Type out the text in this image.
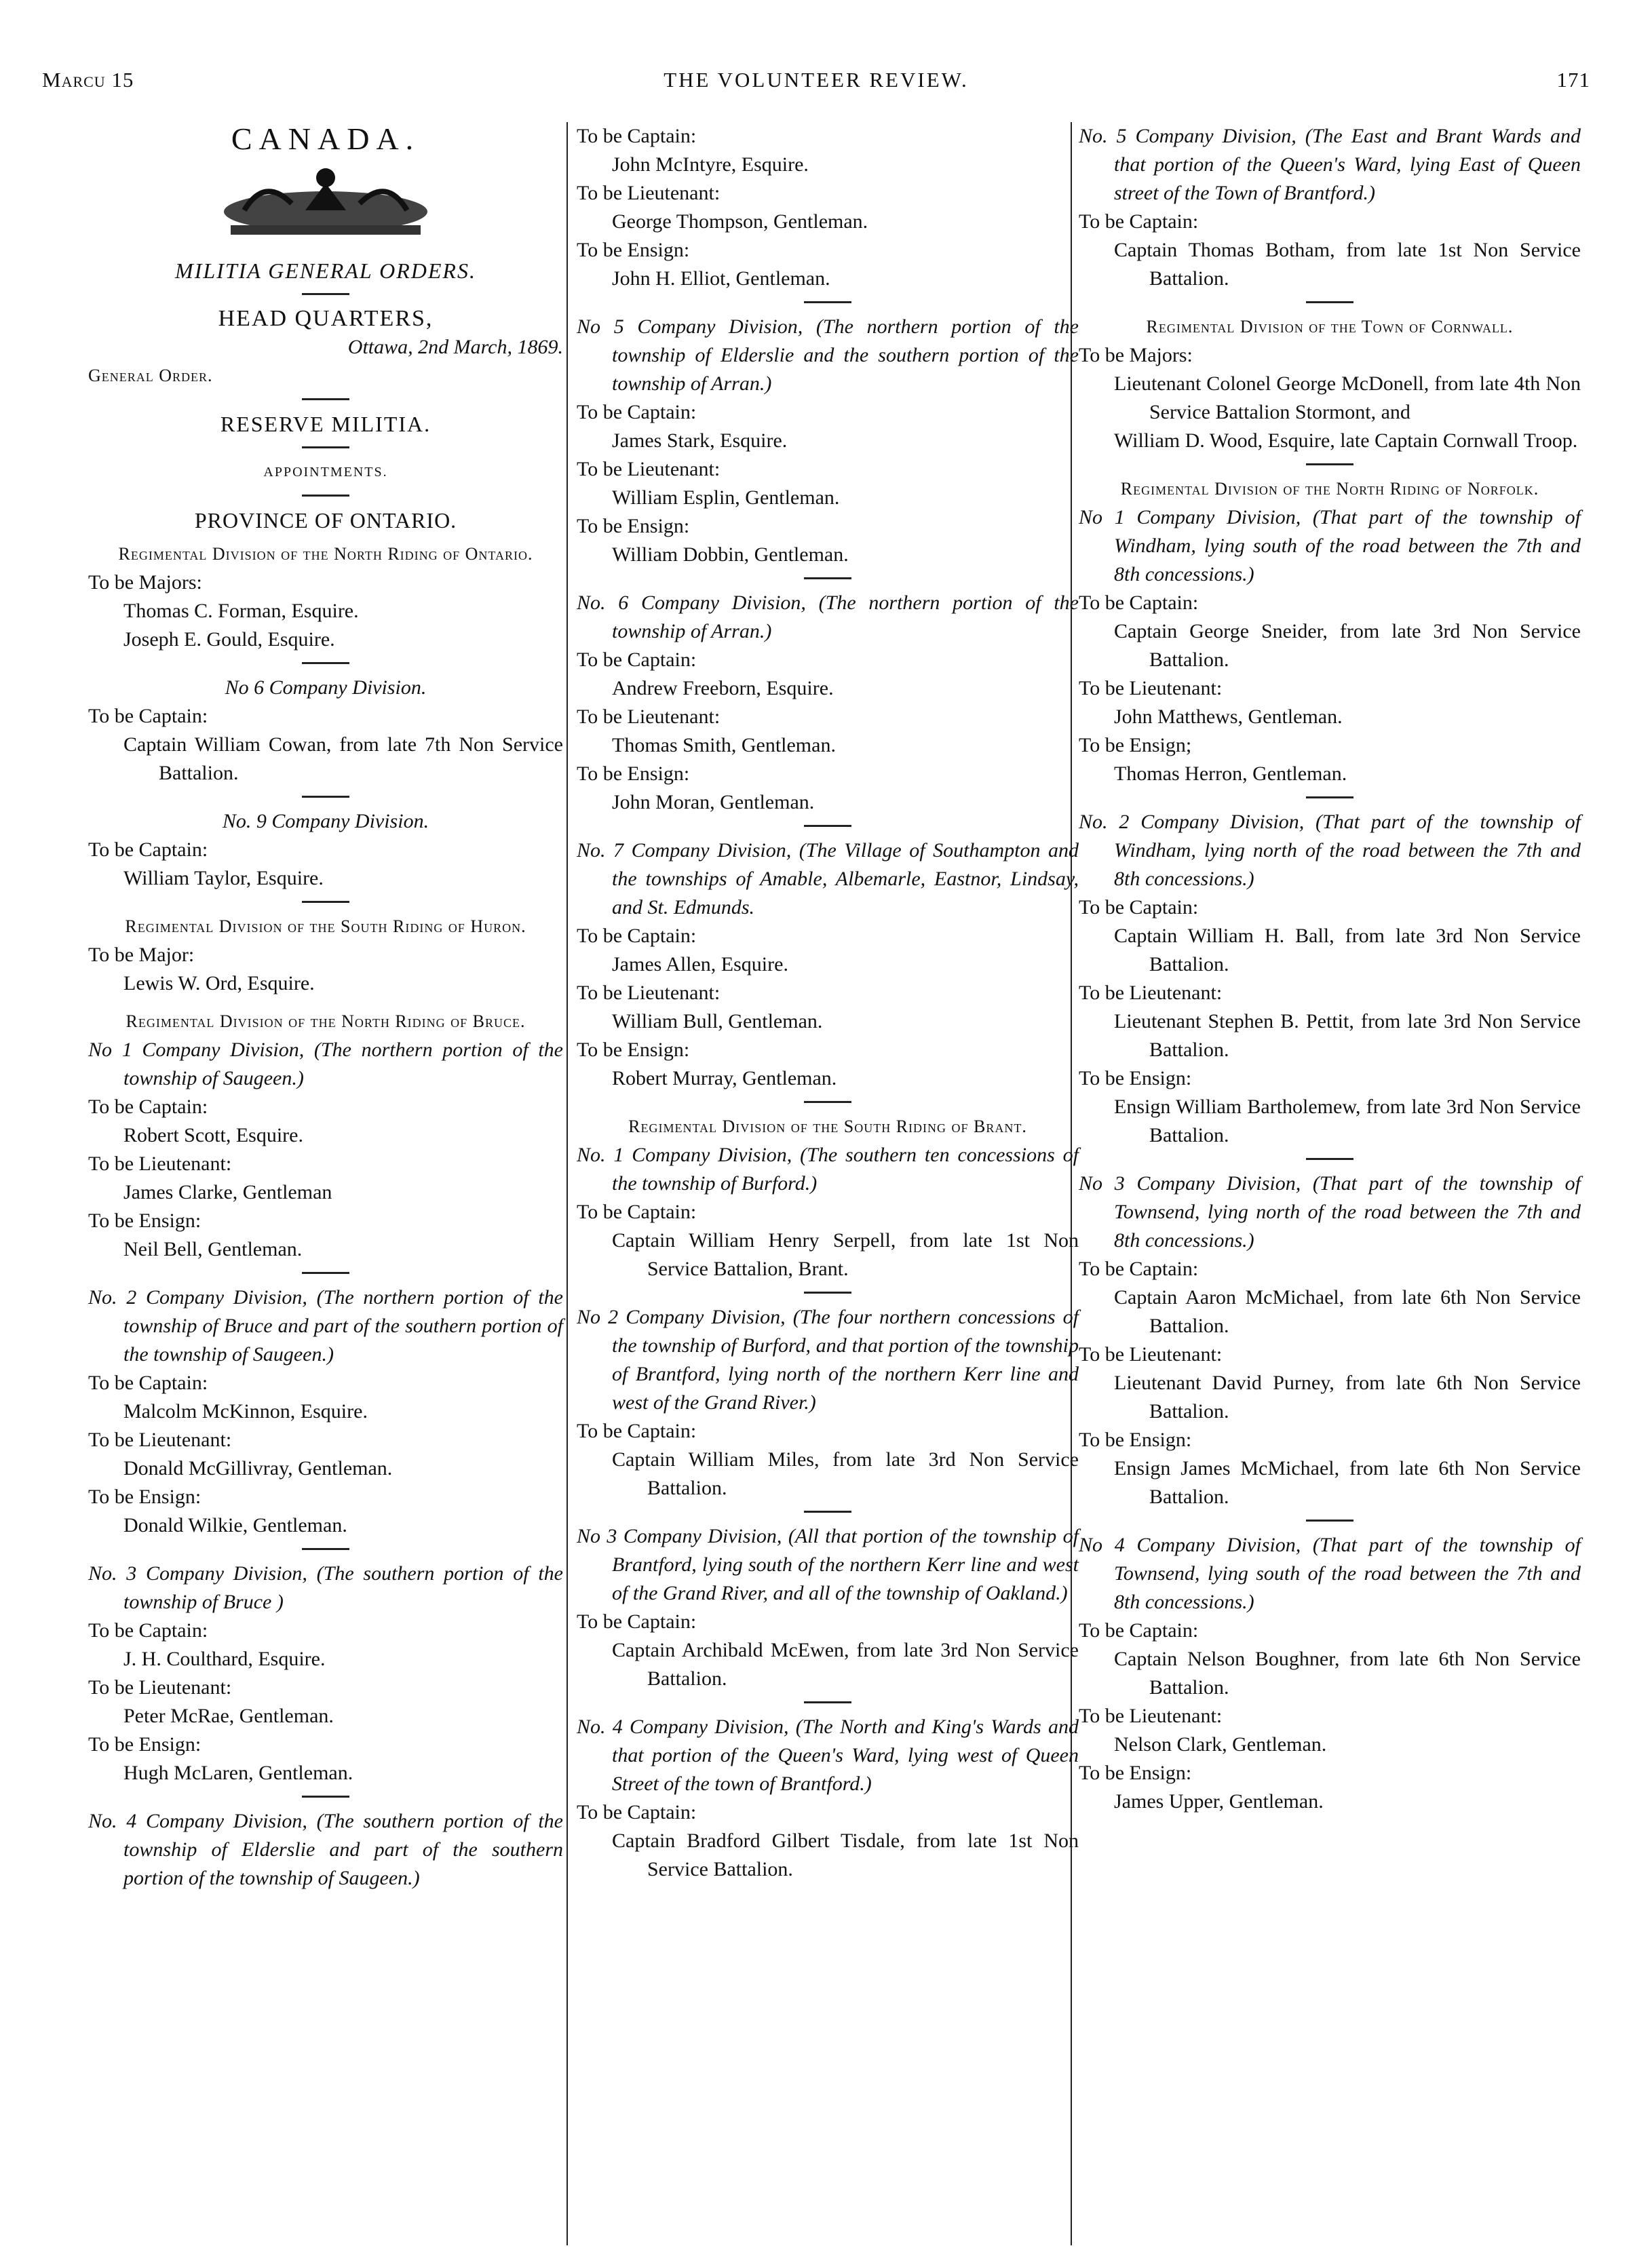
Marcu 15	THE VOLUNTEER REVIEW.	171
CANADA.
MILITIA GENERAL ORDERS.
HEAD QUARTERS,
Ottawa, 2nd March, 1869.
General Order.
RESERVE MILITIA.
APPOINTMENTS.
PROVINCE OF ONTARIO.
Regimental Division of the North Riding of Ontario.
To be Majors:
Thomas C. Forman, Esquire.
Joseph E. Gould, Esquire.
No 6 Company Division.
To be Captain:
Captain William Cowan, from late 7th Non Service Battalion.
No. 9 Company Division.
To be Captain:
William Taylor, Esquire.
Regimental Division of the South Riding of Huron.
To be Major:
Lewis W. Ord, Esquire.
Regimental Division of the North Riding of Bruce.
No 1 Company Division, (The northern portion of the township of Saugeen.)
To be Captain:
Robert Scott, Esquire.
To be Lieutenant:
James Clarke, Gentleman
To be Ensign:
Neil Bell, Gentleman.
No. 2 Company Division, (The northern portion of the township of Bruce and part of the southern portion of the township of Saugeen.)
To be Captain:
Malcolm McKinnon, Esquire.
To be Lieutenant:
Donald McGillivray, Gentleman.
To be Ensign:
Donald Wilkie, Gentleman.
No. 3 Company Division, (The southern portion of the township of Bruce )
To be Captain:
J. H. Coulthard, Esquire.
To be Lieutenant:
Peter McRae, Gentleman.
To be Ensign:
Hugh McLaren, Gentleman.
No. 4 Company Division, (The southern portion of the township of Elderslie and part of the southern portion of the township of Saugeen.)
To be Captain:
John McIntyre, Esquire.
To be Lieutenant:
George Thompson, Gentleman.
To be Ensign:
John H. Elliot, Gentleman.
No 5 Company Division, (The northern portion of the township of Elderslie and the southern portion of the township of Arran.)
To be Captain:
James Stark, Esquire.
To be Lieutenant:
William Esplin, Gentleman.
To be Ensign:
William Dobbin, Gentleman.
No. 6 Company Division, (The northern portion of the township of Arran.)
To be Captain:
Andrew Freeborn, Esquire.
To be Lieutenant:
Thomas Smith, Gentleman.
To be Ensign:
John Moran, Gentleman.
No. 7 Company Division, (The Village of Southampton and the townships of Amable, Albemarle, Eastnor, Lindsay, and St. Edmunds.
To be Captain:
James Allen, Esquire.
To be Lieutenant:
William Bull, Gentleman.
To be Ensign:
Robert Murray, Gentleman.
Regimental Division of the South Riding of Brant.
No. 1 Company Division, (The southern ten concessions of the township of Burford.)
To be Captain:
Captain William Henry Serpell, from late 1st Non Service Battalion, Brant.
No 2 Company Division, (The four northern concessions of the township of Burford, and that portion of the township of Brantford, lying north of the northern Kerr line and west of the Grand River.)
To be Captain:
Captain William Miles, from late 3rd Non Service Battalion.
No 3 Company Division, (All that portion of the township of Brantford, lying south of the northern Kerr line and west of the Grand River, and all of the township of Oakland.)
To be Captain:
Captain Archibald McEwen, from late 3rd Non Service Battalion.
No. 4 Company Division, (The North and King's Wards and that portion of the Queen's Ward, lying west of Queen Street of the town of Brantford.)
To be Captain:
Captain Bradford Gilbert Tisdale, from late 1st Non Service Battalion.
No. 5 Company Division, (The East and Brant Wards and that portion of the Queen's Ward, lying East of Queen street of the Town of Brantford.)
To be Captain:
Captain Thomas Botham, from late 1st Non Service Battalion.
Regimental Division of the Town of Cornwall.
To be Majors:
Lieutenant Colonel George McDonell, from late 4th Non Service Battalion Stormont, and
William D. Wood, Esquire, late Captain Cornwall Troop.
Regimental Division of the North Riding of Norfolk.
No 1 Company Division, (That part of the township of Windham, lying south of the road between the 7th and 8th concessions.)
To be Captain:
Captain George Sneider, from late 3rd Non Service Battalion.
To be Lieutenant:
John Matthews, Gentleman.
To be Ensign;
Thomas Herron, Gentleman.
No. 2 Company Division, (That part of the township of Windham, lying north of the road between the 7th and 8th concessions.)
To be Captain:
Captain William H. Ball, from late 3rd Non Service Battalion.
To be Lieutenant:
Lieutenant Stephen B. Pettit, from late 3rd Non Service Battalion.
To be Ensign:
Ensign William Bartholemew, from late 3rd Non Service Battalion.
No 3 Company Division, (That part of the township of Townsend, lying north of the road between the 7th and 8th concessions.)
To be Captain:
Captain Aaron McMichael, from late 6th Non Service Battalion.
To be Lieutenant:
Lieutenant David Purney, from late 6th Non Service Battalion.
To be Ensign:
Ensign James McMichael, from late 6th Non Service Battalion.
No 4 Company Division, (That part of the township of Townsend, lying south of the road between the 7th and 8th concessions.)
To be Captain:
Captain Nelson Boughner, from late 6th Non Service Battalion.
To be Lieutenant:
Nelson Clark, Gentleman.
To be Ensign:
James Upper, Gentleman.
